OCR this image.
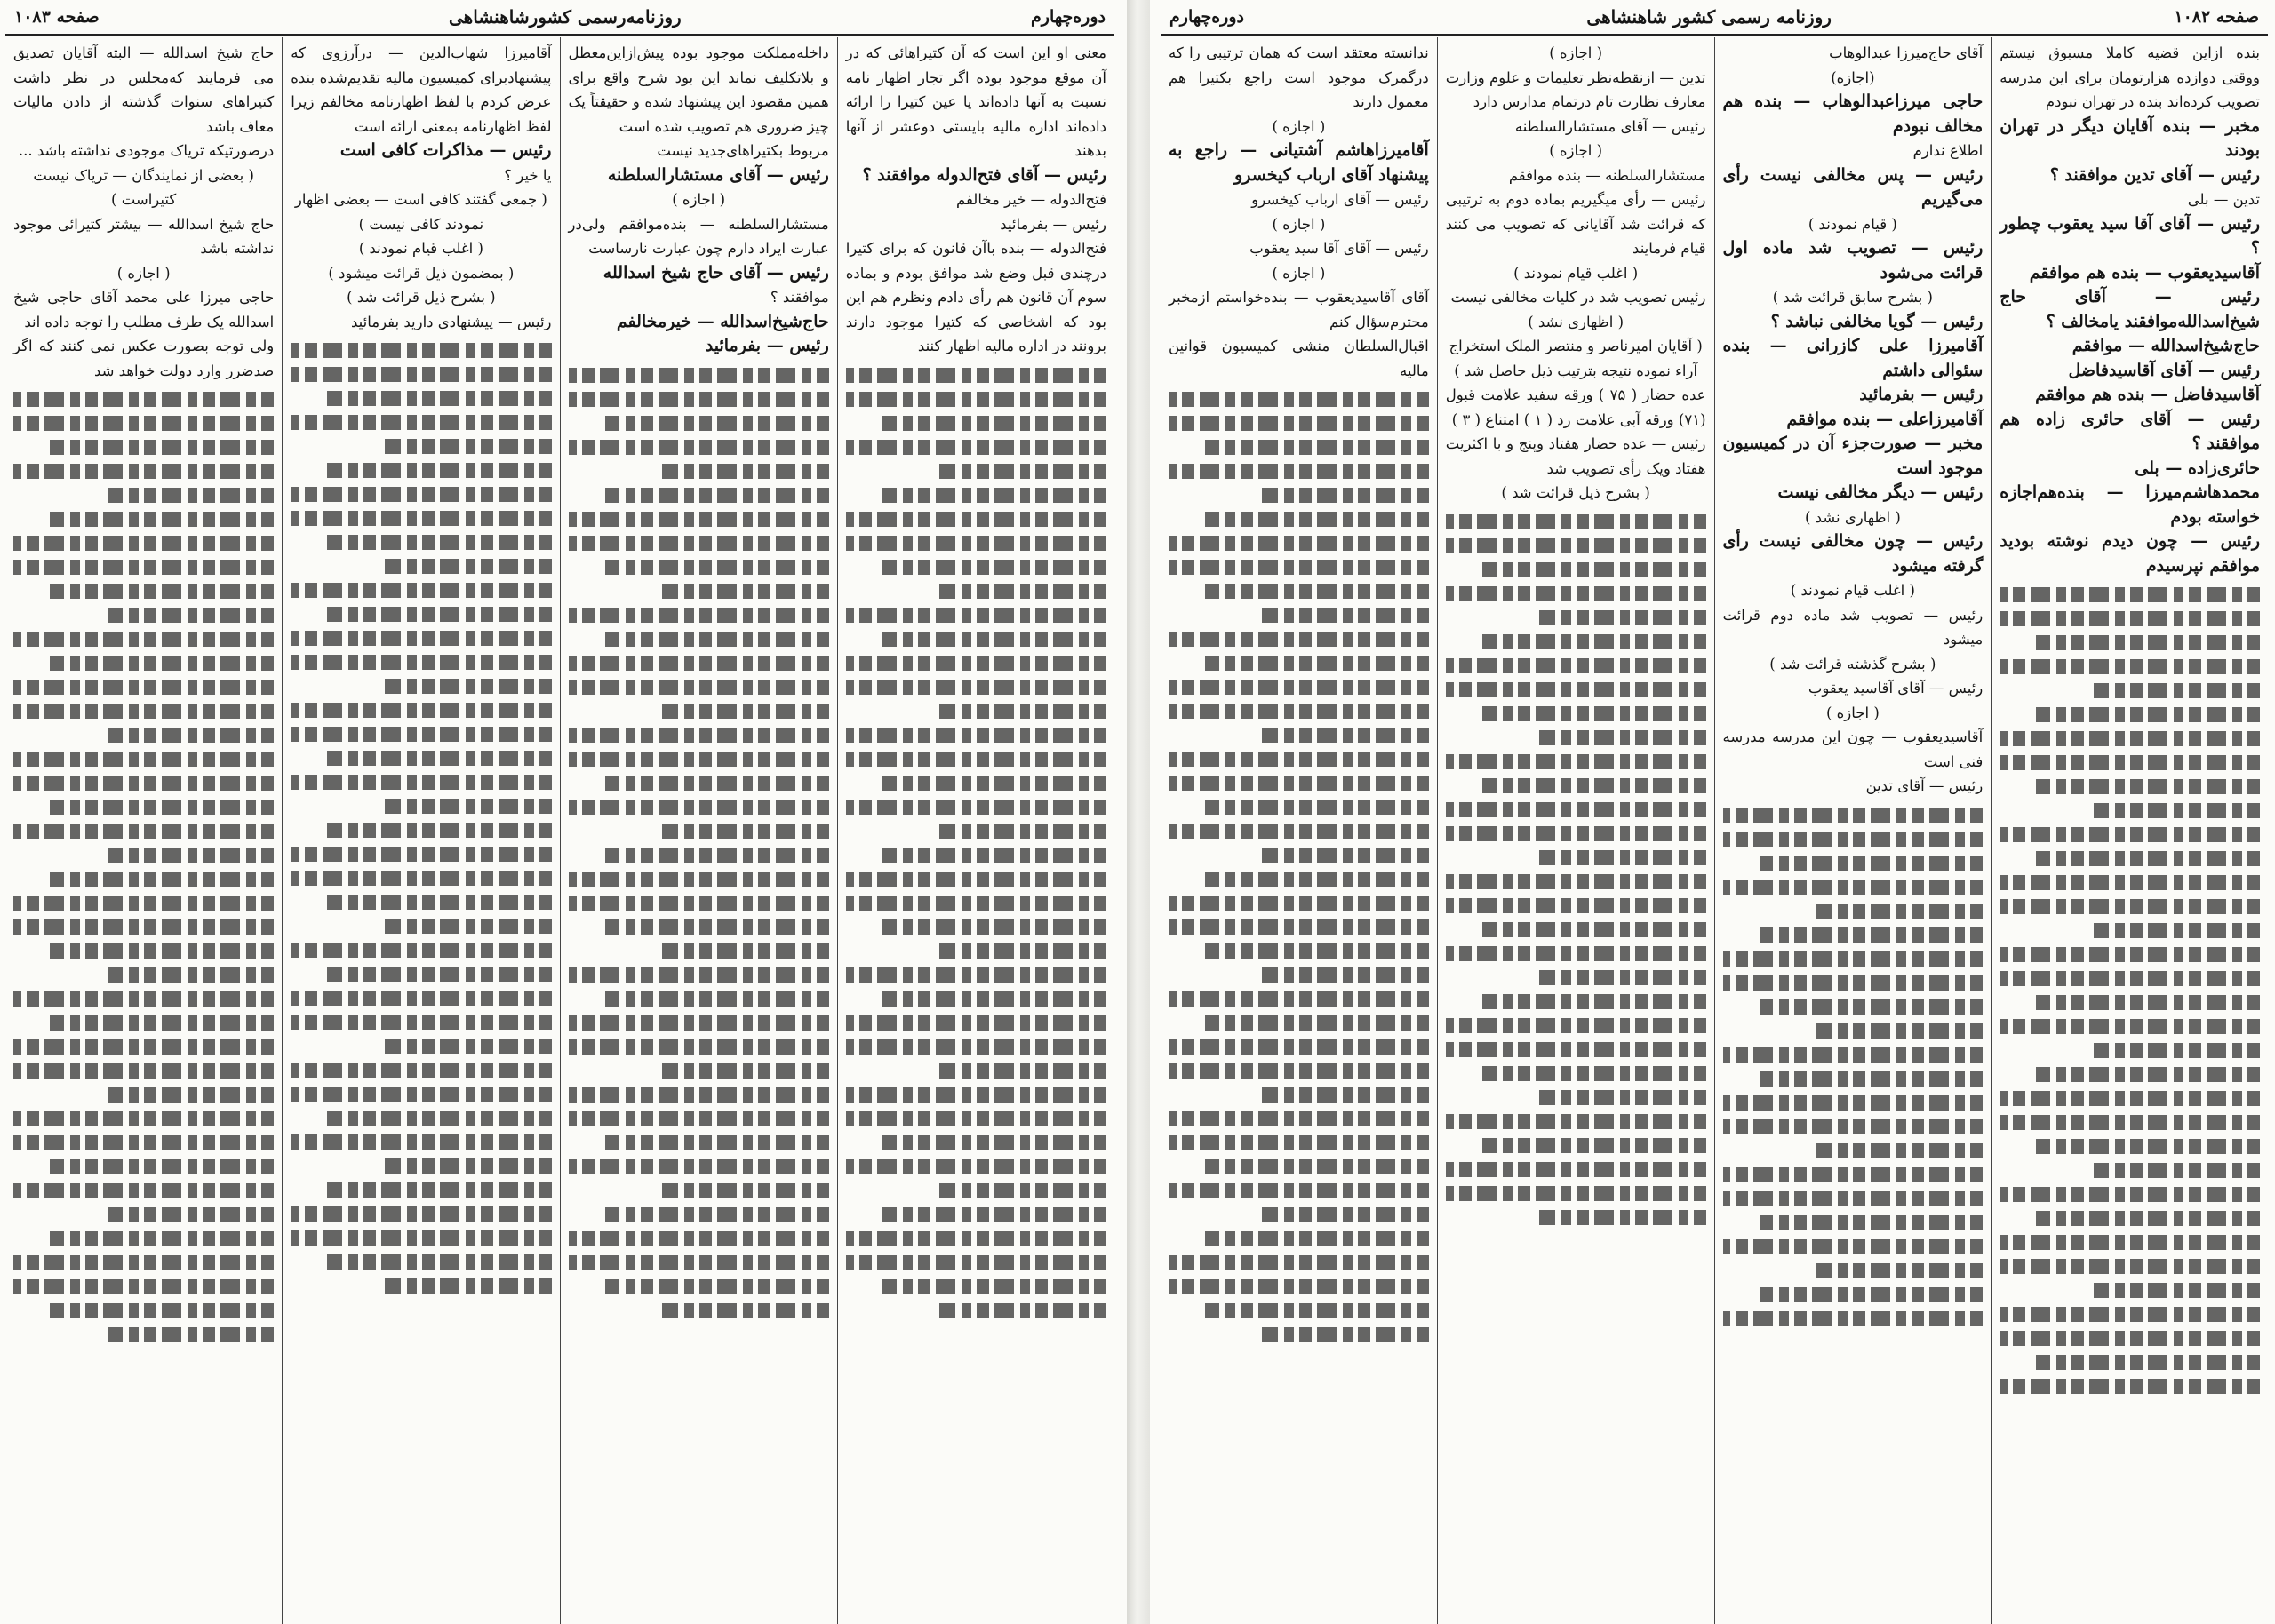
دوره‌چهارم
روزنامه‌رسمی کشورشاهنشاهی
صفحه ۱۰۸۳
معنی او این است که آن کتیراهائی که در آن موقع موجود بوده اگر تجار اظهار نامه نسبت به آنها داده‌اند یا عین کتیرا را ارائه داده‌اند اداره مالیه بایستی دوعشر از آنها بدهند
رئیس — آقای فتح‌الدوله موافقند ؟
فتح‌الدوله — خیر مخالفم
رئیس — بفرمائید
فتح‌الدوله — بنده باآن قانون که برای کتیرا درچندی قبل وضع شد موافق بودم و بماده سوم آن قانون هم رأی دادم ونظرم هم این بود که اشخاصی که کتیرا موجود دارند برونند در اداره مالیه اظهار کنند
داخله‌مملکت موجود بوده پیش‌ازاین‌معطل و بلاتکلیف نماند این بود شرح واقع برای همین مقصود این پیشنهاد شده و حقیقتاً یک چیز ضروری هم تصویب شده است
مربوط بکتیراهای‌جدید نیست
رئیس — آقای مستشار‌السلطنه
( اجازه )
مستشار‌السلطنه — بنده‌موافقم ولی‌در عبارت ایراد دارم چون عبارت نارساست
رئیس — آقای حاج شیخ اسدالله
موافقند ؟
حاج‌شیخ‌اسدالله — خیر‌مخالفم
رئیس — بفرمائید
آقامیرزا شهاب‌الدین — درآرزوی که پیشنهادبرای کمیسیون مالیه تقدیم‌شده بنده عرض کردم با لفظ اظهارنامه مخالفم زیرا لفظ اظهارنامه بمعنی ارائه است
رئیس — مذاکرات کافی است
یا خیر ؟
( جمعی گفتند کافی است — بعضی اظهار نمودند کافی نیست )
( اغلب قیام نمودند )
( بمضمون ذیل قرائت میشود )
( بشرح ذیل قرائت شد )
رئیس — پیشنهادی دارید بفرمائید
حاج شیخ اسدالله — البته آقایان تصدیق می فرمایند که‌مجلس در نظر داشت کتیراهای سنوات گذشته از دادن مالیات معاف باشد
درصورتیکه تریاک موجودی نداشته باشد ...
( بعضی از نمایندگان — تریاک نیست کتیراست )
حاج شیخ اسدالله — بیشتر کتیرائی موجود نداشته باشد
( اجازه )
حاجی میرزا علی محمد آقای حاجی شیخ اسدالله یک طرف مطلب را توجه داده اند
ولی توجه بصورت عکس نمی کنند که اگر صدضرر وارد دولت خواهد شد
صفحه ۱۰۸۲
روزنامه رسمی کشور شاهنشاهی
دوره‌چهارم
بنده ازاین قضیه کاملا مسبوق نیستم ووقتی دوازده هزارتومان برای این مدرسه تصویب کرده‌اند بنده در تهران نبودم
مخبر — بنده آقایان دیگر در تهران بودند
رئیس — آقای تدین موافقند ؟
تدین — بلی
رئیس — آقای آقا سید یعقوب چطور ؟
آقاسیدیعقوب — بنده هم موافقم
رئیس — آقای حاج شیخ‌اسدالله‌موافقند یامخالف ؟
حاج‌شیخ‌اسدالله — موافقم
رئیس — آقای آقاسیدفاضل
آقاسیدفاضل — بنده هم موافقم
رئیس — آقای حائری زاده هم موافقند ؟
حائری‌زاده — بلی
محمدهاشم‌میرزا — بنده‌هم‌اجازه خواسته بودم
رئیس — چون دیدم نوشته بودید موافقم نپرسیدم
آقای حاج‌میرزا عبدالوهاب
(اجازه)
حاجی میرزاعبدالوهاب — بنده هم مخالف نبودم
اطلاع ندارم
رئیس — پس مخالفی نیست رأی می‌گیریم
( قیام نمودند )
رئیس — تصویب شد ماده اول قرائت می‌شود
( بشرح سابق قرائت شد )
رئیس — گویا مخالفی نباشد ؟
آقامیرزا علی کازرانی — بنده سئوالی داشتم
رئیس — بفرمائید
آقامیرزاعلی — بنده موافقم
مخبر — صورت‌جزء آن در کمیسیون موجود است
رئیس — دیگر مخالفی نیست
( اظهاری نشد )
رئیس — چون مخالفی نیست رأی گرفته میشود
( اغلب قیام نمودند )
رئیس — تصویب شد ماده دوم قرائت میشود
( بشرح گذشته قرائت شد )
رئیس — آقای آقاسید یعقوب
( اجازه )
آقاسیدیعقوب — چون این مدرسه مدرسه فنی است
رئیس — آقای تدین
( اجازه )
تدین — ازنقطه‌نظر تعلیمات و علوم وزارت معارف نظارت تام درتمام مدارس دارد
رئیس — آقای مستشار‌السلطنه
( اجازه )
مستشار‌السلطنه — بنده موافقم
رئیس — رأی میگیریم بماده دوم به ترتیبی که قرائت شد آقایانی که تصویب می کنند قیام فرمایند
( اغلب قیام نمودند )
رئیس تصویب شد در کلیات مخالفی نیست
( اظهاری نشد )
( آقایان امیرناصر و منتصر الملک استخراج آراء نموده نتیجه بترتیب ذیل حاصل شد )
عده حضار ( ۷۵ ) ورقه سفید علامت قبول (۷۱) ورقه آبی علامت رد ( ۱ ) امتناع ( ۳ )
رئیس — عده حضار هفتاد وپنج و با اکثریت هفتاد ویک رأی تصویب شد
( بشرح ذیل قرائت شد )
ندانسته معتقد است که همان ترتیبی را که درگمرک موجود است راجع بکتیرا هم معمول دارند
( اجازه )
آقامیرزاهاشم آشتیانی — راجع به پیشنهاد آقای ارباب کیخسرو
رئیس — آقای ارباب کیخسرو
( اجازه )
رئیس — آقای آقا سید یعقوب
( اجازه )
آقای آقاسیدیعقوب — بنده‌خواستم ازمخبر محترم‌سؤال کنم
اقبال‌السلطان منشی کمیسیون قوانین مالیه
